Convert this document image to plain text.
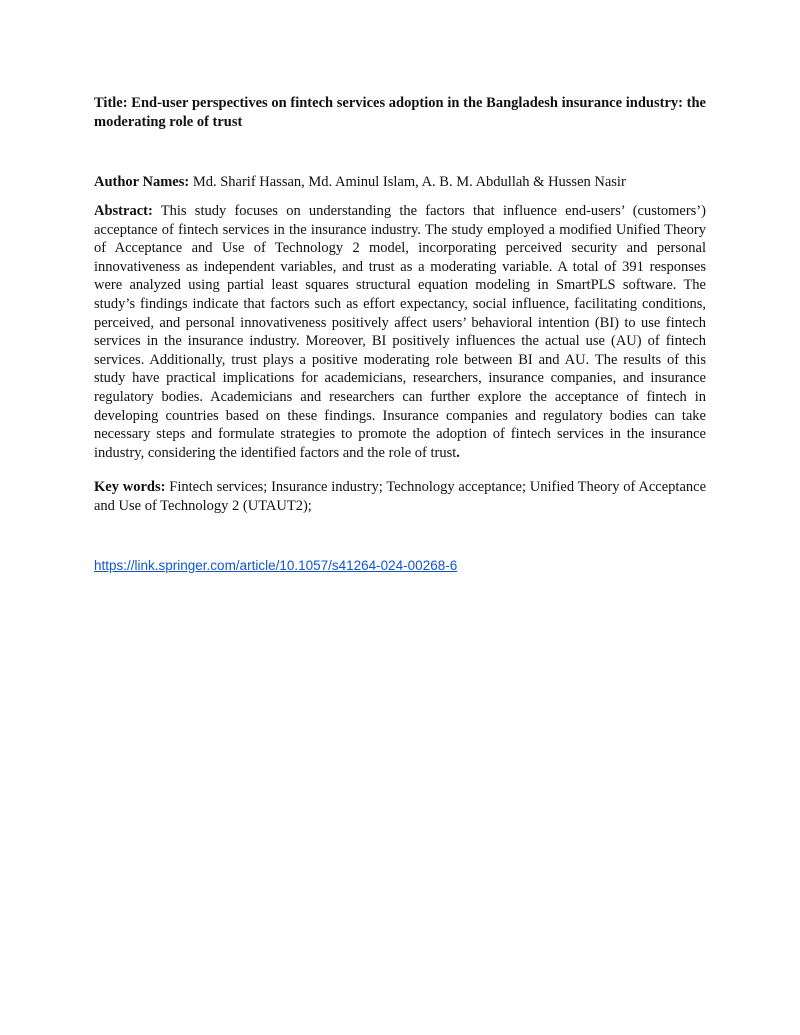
Title: End-user perspectives on fintech services adoption in the Bangladesh insurance industry: the moderating role of trust

Author Names: Md. Sharif Hassan, Md. Aminul Islam, A. B. M. Abdullah & Hussen Nasir

Abstract: This study focuses on understanding the factors that influence end-users’ (customers’) acceptance of fintech services in the insurance industry. The study employed a modified Unified Theory of Acceptance and Use of Technology 2 model, incorporating perceived security and personal innovativeness as independent variables, and trust as a moderating variable. A total of 391 responses were analyzed using partial least squares structural equation modeling in SmartPLS software. The study’s findings indicate that factors such as effort expectancy, social influence, facilitating conditions, perceived, and personal innovativeness positively affect users’ behavioral intention (BI) to use fintech services in the insurance industry. Moreover, BI positively influences the actual use (AU) of fintech services. Additionally, trust plays a positive moderating role between BI and AU. The results of this study have practical implications for academicians, researchers, insurance companies, and insurance regulatory bodies. Academicians and researchers can further explore the acceptance of fintech in developing countries based on these findings. Insurance companies and regulatory bodies can take necessary steps and formulate strategies to promote the adoption of fintech services in the insurance industry, considering the identified factors and the role of trust.

Key words: Fintech services; Insurance industry; Technology acceptance; Unified Theory of Acceptance and Use of Technology 2 (UTAUT2);

https://link.springer.com/article/10.1057/s41264-024-00268-6
